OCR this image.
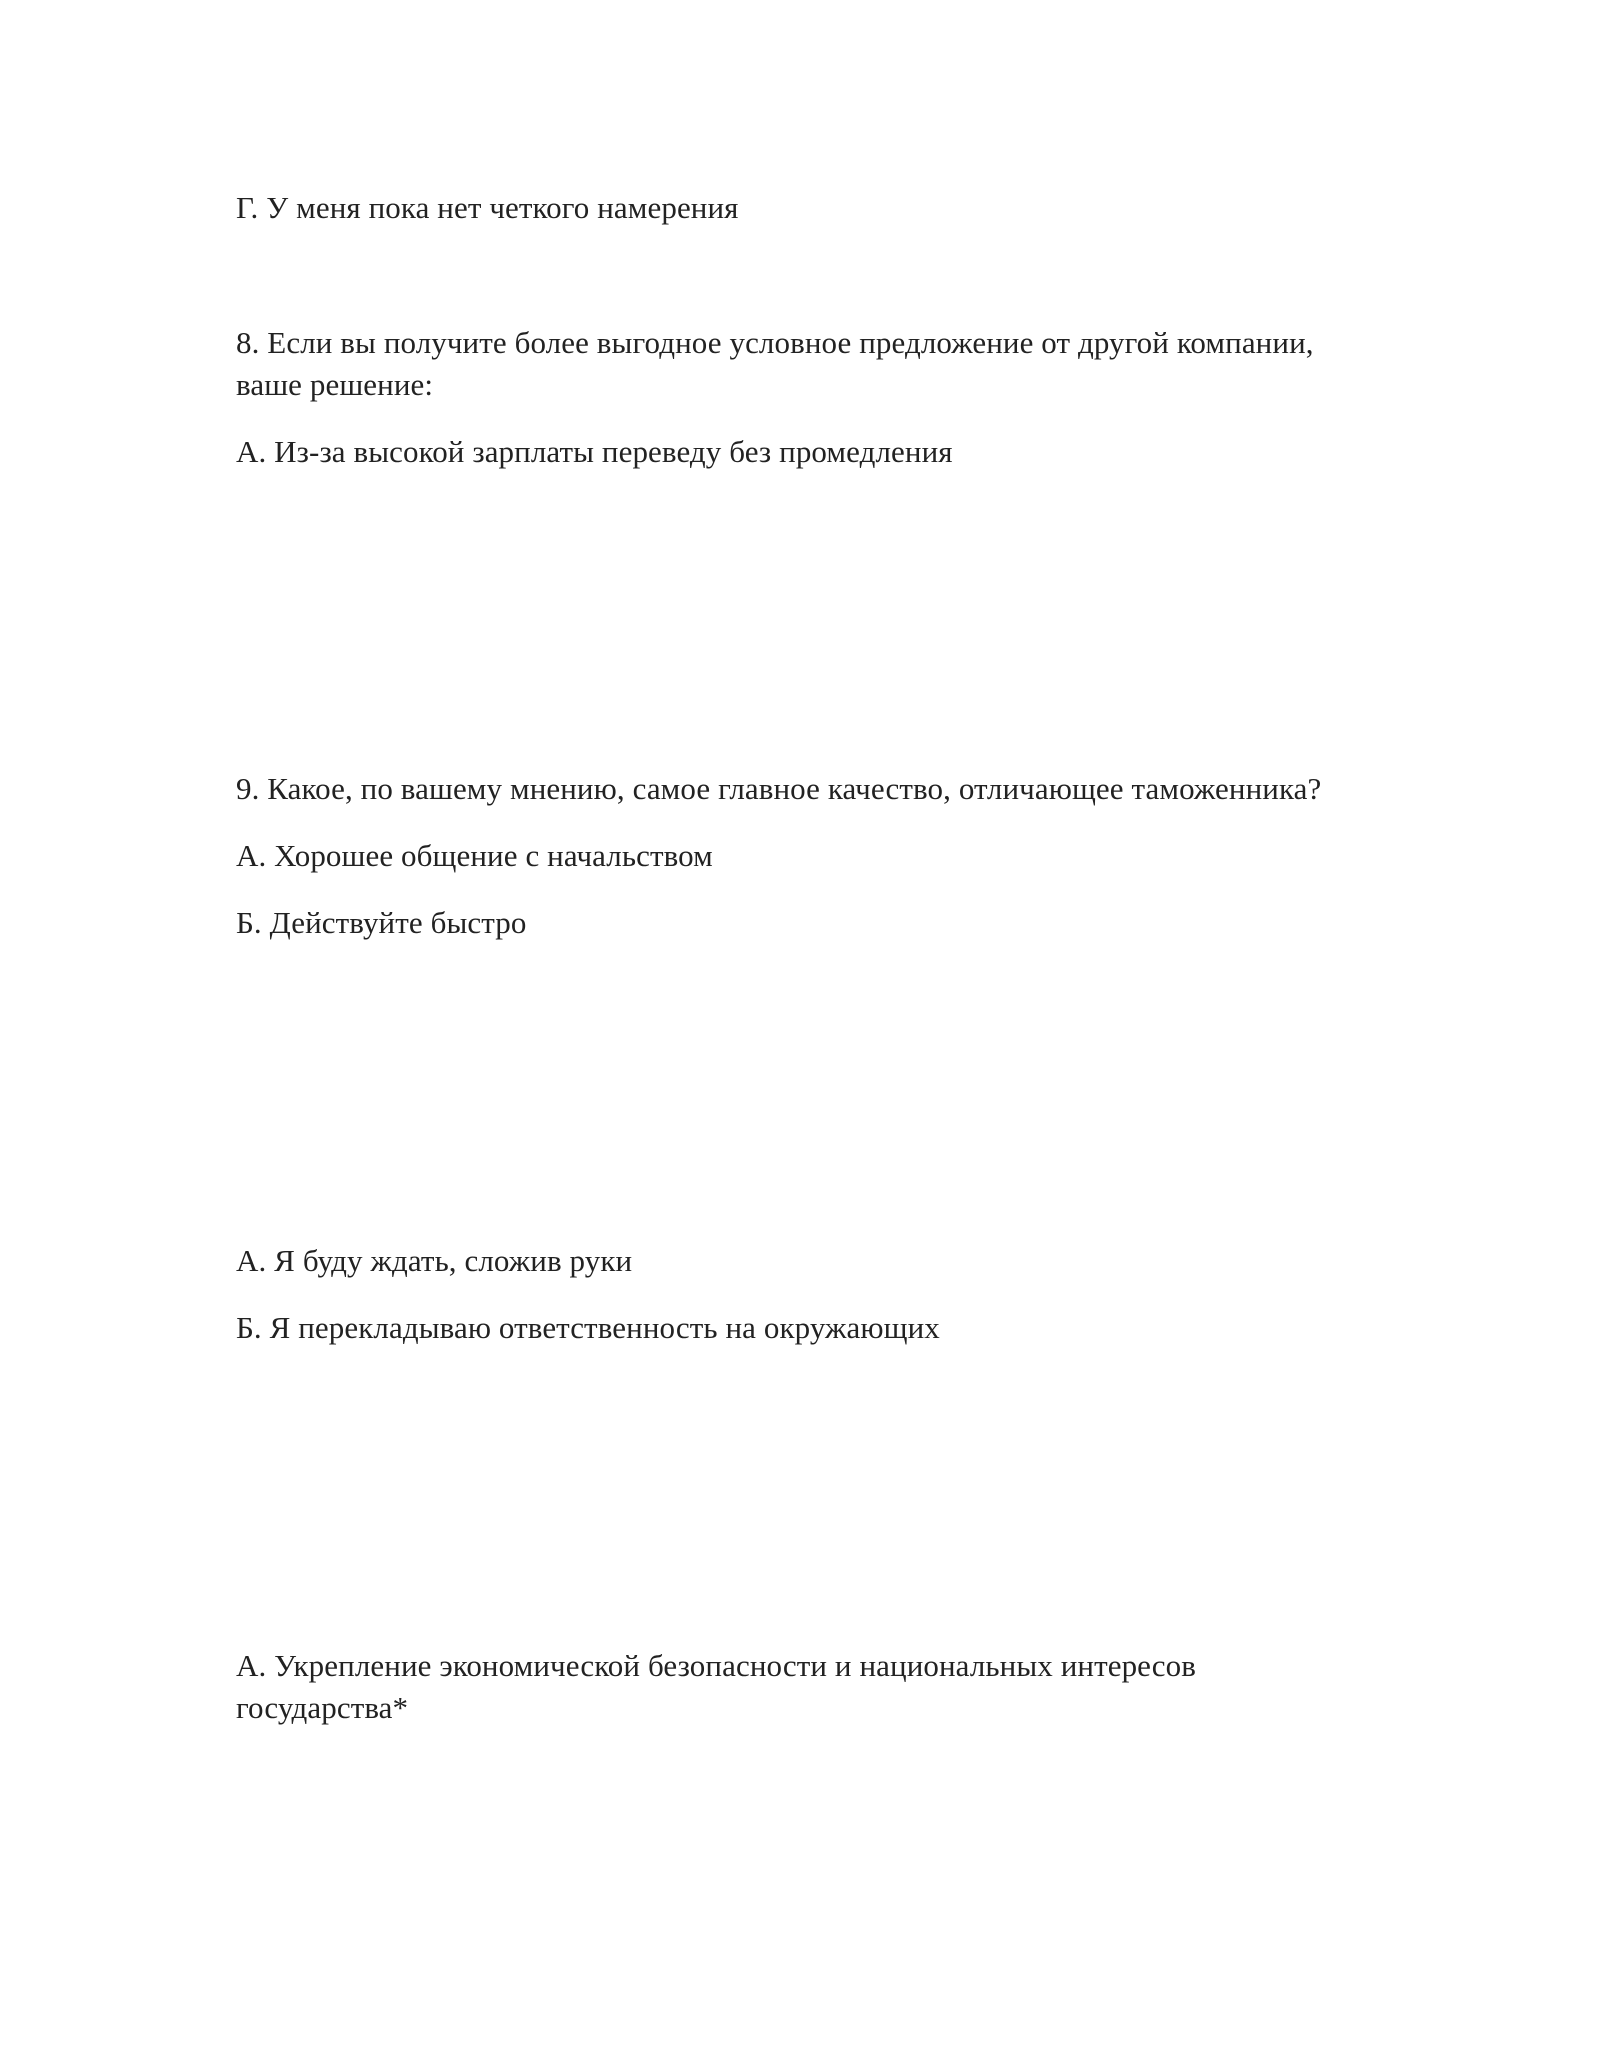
Г. У меня пока нет четкого намерения
8. Если вы получите более выгодное условное предложение от другой компании,
ваше решение:
А. Из-за высокой зарплаты переведу без промедления
9. Какое, по вашему мнению, самое главное качество, отличающее таможенника?
А. Хорошее общение с начальством
Б. Действуйте быстро
А. Я буду ждать, сложив руки
Б. Я перекладываю ответственность на окружающих
А. Укрепление экономической безопасности и национальных интересов
государства*
